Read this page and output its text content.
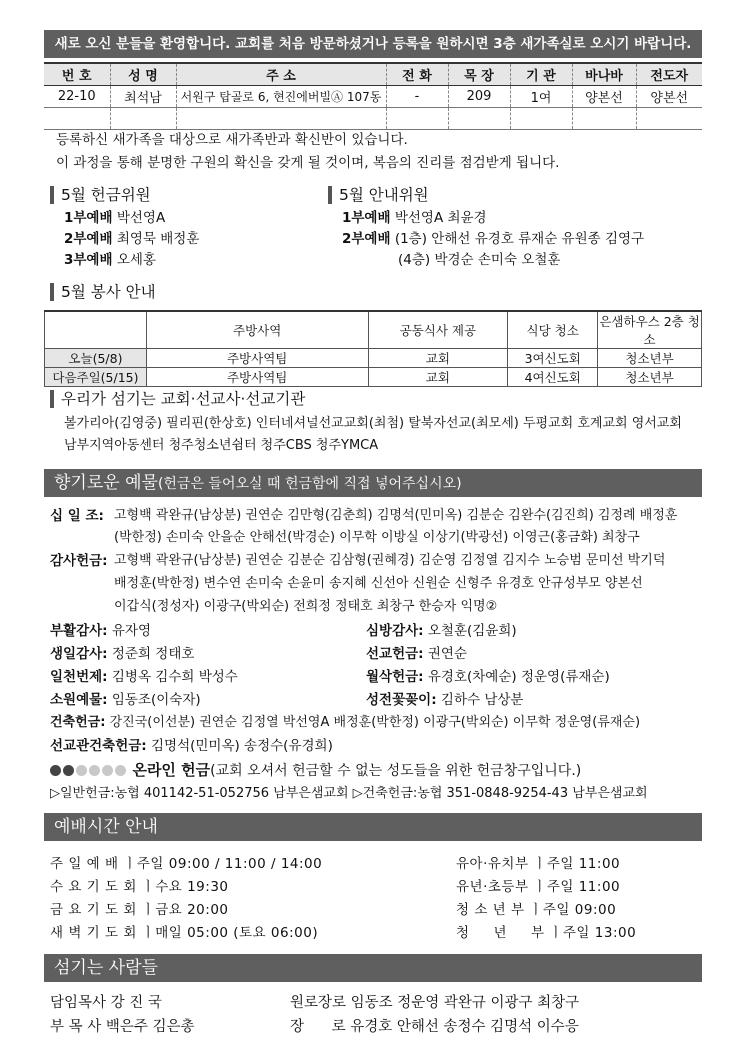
새로 오신 분들을 환영합니다. 교회를 처음 방문하셨거나 등록을 원하시면 3층 새가족실로 오시기 바랍니다.
번 호	성 명	주 소	전 화	목 장	기 관	바나바	전도자
22-10	최석남	서원구 탑골로 6, 현진에버빌Ⓐ 107동	-	209	1여	양본선	양본선

등록하신 새가족을 대상으로 새가족반과 확신반이 있습니다.
이 과정을 통해 분명한 구원의 확신을 갖게 될 것이며, 복음의 진리를 점검받게 됩니다.
5월 헌금위원
1부예배 박선영A
2부예배 최영묵 배정훈
3부예배 오세홍
5월 안내위원
1부예배 박선영A 최윤경
2부예배 (1층) 안해선 유경호 류재순 유원종 김영구
(4층) 박경순 손미숙 오철훈
5월 봉사 안내
	주방사역	공동식사 제공	식당 청소	은샘하우스 2층 청소
오늘(5/8)	주방사역팀	교회	3여신도회	청소년부
다음주일(5/15)	주방사역팀	교회	4여신도회	청소년부
우리가 섬기는 교회·선교사·선교기관
볼가리아(김영중) 필리핀(한상호) 인터네셔널선교교회(최첨) 탈북자선교(최모세) 두평교회 호계교회 영서교회
남부지역아동센터 청주청소년쉼터 청주CBS 청주YMCA
향기로운 예물(헌금은 들어오실 때 헌금함에 직접 넣어주십시오)
십 일 조: 고형백 곽완규(남상분) 권연순 김만형(김춘희) 김명석(민미옥) 김분순 김완수(김진희) 김정례 배정훈
(박한정) 손미숙 안을순 안해선(박경순) 이무학 이방실 이상기(박광선) 이영근(홍금화) 최창구
감사헌금: 고형백 곽완규(남상분) 권연순 김분순 김삼형(권혜경) 김순영 김정열 김지수 노승범 문미선 박기덕
배정훈(박한정) 변수연 손미숙 손윤미 송지혜 신선아 신원순 신형주 유경호 안규성부모 양본선
이갑식(정성자) 이광구(박외순) 전희정 정태호 최창구 한승자 익명②
부활감사: 유자영	심방감사: 오철훈(김윤희)
생일감사: 정준희 정태호	선교헌금: 권연순
일천번제: 김병옥 김수희 박성수	월삭헌금: 유경호(차예순) 정운영(류재순)
소원예물: 임동조(이숙자)	성전꽃꽂이: 김하수 남상분
건축헌금: 강진국(이선분) 권연순 김정열 박선영A 배정훈(박한정) 이광구(박외순) 이무학 정운영(류재순)
선교관건축헌금: 김명석(민미옥) 송정수(유경희)
온라인 헌금(교회 오셔서 헌금할 수 없는 성도들을 위한 헌금창구입니다.)
▷일반헌금:농협 401142-51-052756 남부은샘교회 ▷건축헌금:농협 351-0848-9254-43 남부은샘교회
예배시간 안내
주 일 예 배 ㅣ주일 09:00 / 11:00 / 14:00
수 요 기 도 회 ㅣ수요 19:30
금 요 기 도 회 ㅣ금요 20:00
새 벽 기 도 회 ㅣ매일 05:00 (토요 06:00)
유아·유치부 ㅣ주일 11:00
유년·초등부 ㅣ주일 11:00
청 소 년 부 ㅣ주일 09:00
청     년     부 ㅣ주일 13:00
섬기는 사람들
담임목사 강 진 국	원로장로 임동조 정운영 곽완규 이광구 최창구
부 목 사 백은주 김은총	장      로 유경호 안해선 송정수 김명석 이수응
